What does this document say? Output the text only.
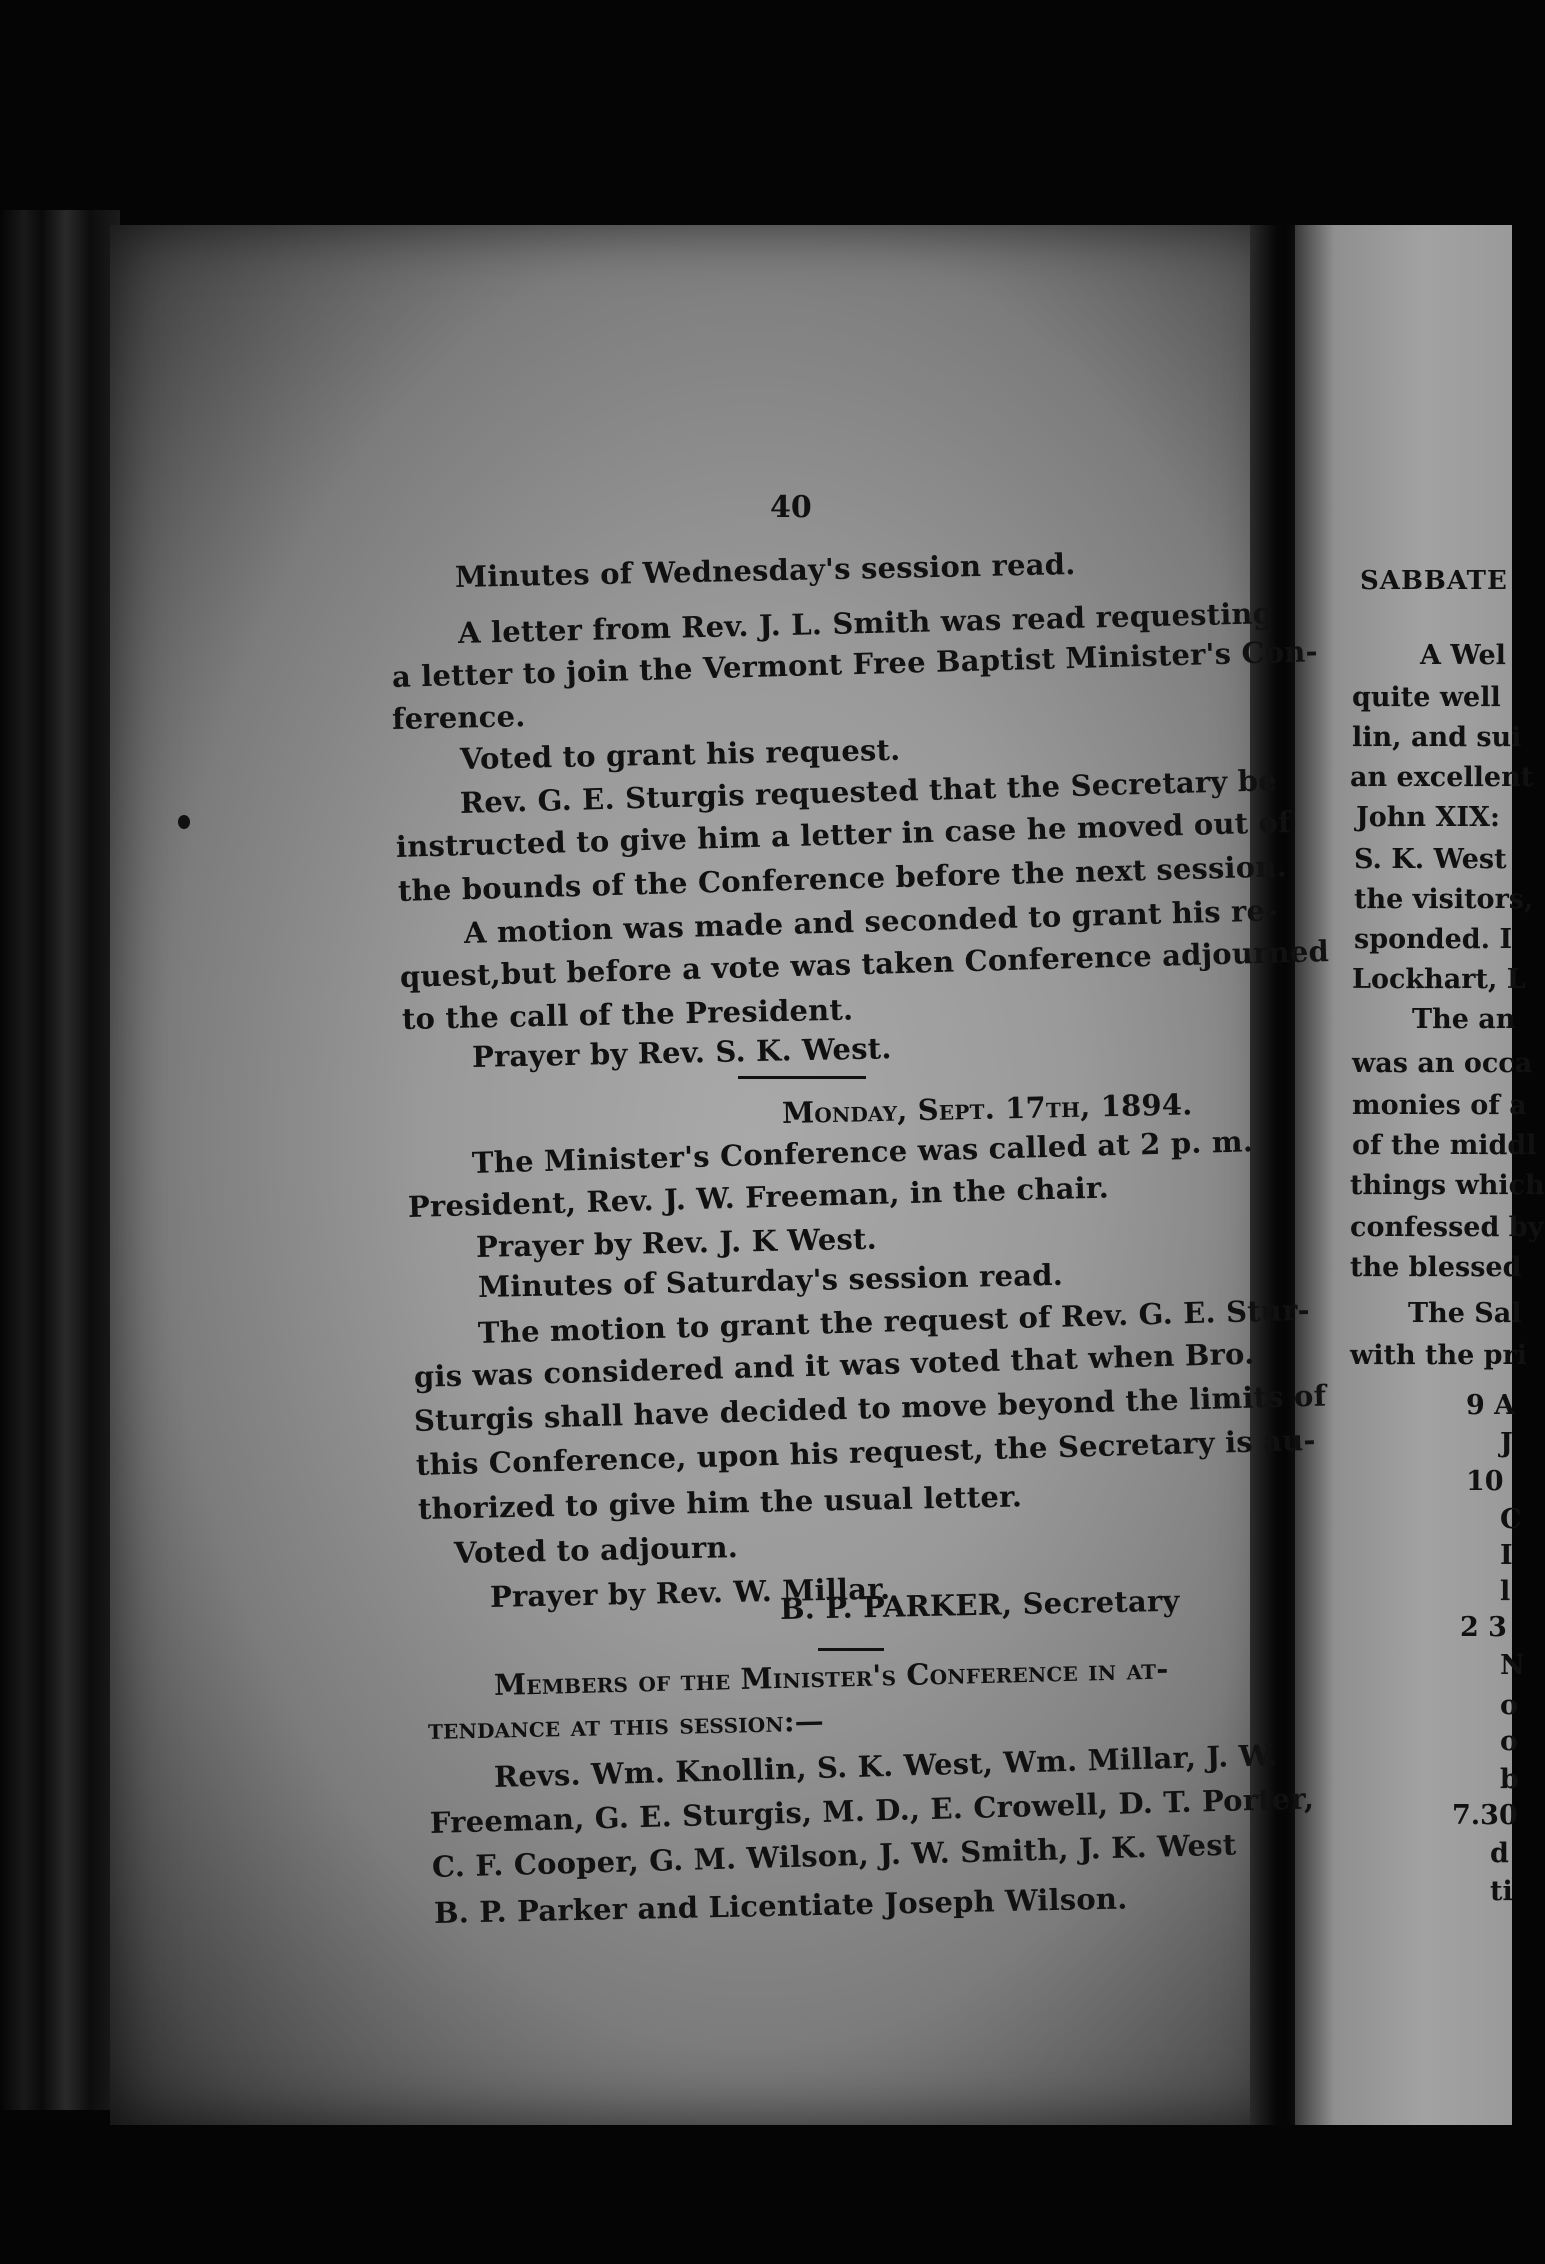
40
Minutes of Wednesday's session read.
A letter from Rev. J. L. Smith was read requesting
a letter to join the Vermont Free Baptist Minister's Con-
ference.
Voted to grant his request.
Rev. G. E. Sturgis requested that the Secretary be
instructed to give him a letter in case he moved out of
the bounds of the Conference before the next session.
A motion was made and seconded to grant his re-
quest,but before a vote was taken Conference adjourned
to the call of the President.
Prayer by Rev. S. K. West.
Monday, Sept. 17th, 1894.
The Minister's Conference was called at 2 p. m.
President, Rev. J. W. Freeman, in the chair.
Prayer by Rev. J. K West.
Minutes of Saturday's session read.
The motion to grant the request of Rev. G. E. Stur-
gis was considered and it was voted that when Bro.
Sturgis shall have decided to move beyond the limits of
this Conference, upon his request, the Secretary is au-
thorized to give him the usual letter.
Voted to adjourn.
Prayer by Rev. W. Millar.
B. P. PARKER, Secretary
Members of the Minister's Conference in at-
tendance at this session:—
Revs. Wm. Knollin, S. K. West, Wm. Millar, J. W.
Freeman, G. E. Sturgis, M. D., E. Crowell, D. T. Porter,
C. F. Cooper, G. M. Wilson, J. W. Smith, J. K. West
B. P. Parker and Licentiate Joseph Wilson.
SABBATE
A Wel
quite well
lin, and sui
an excellent
John XIX:
S. K. West
the visitors,
sponded. I
Lockhart, L
The an
was an occa
monies of a
of the middl
things which
confessed by
the blessed
The Sal
with the pri
9 A
J
10
C
I
l
2 3
N
o
o
b
7.30
d
ti
